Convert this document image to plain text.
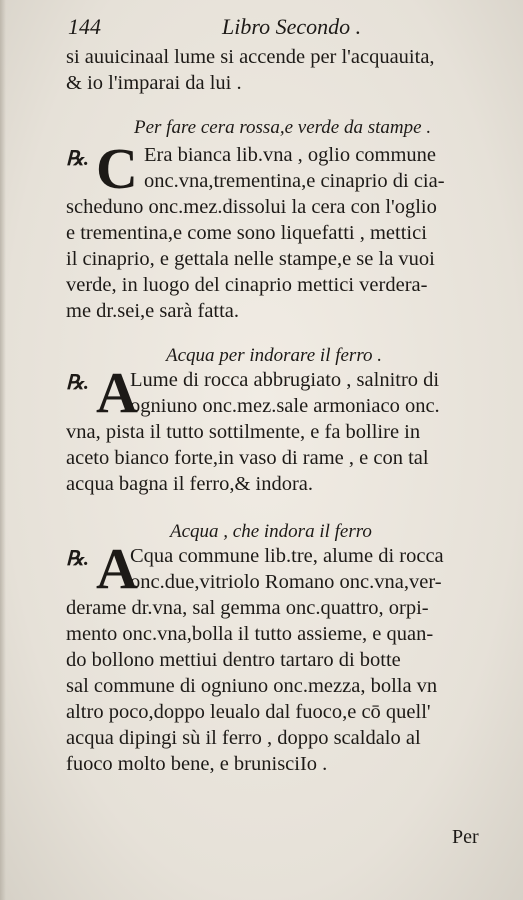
144	Libro Secondo .
si auuicinaal lume si accende per l'acquauita,
& io l'imparai da lui .
Per fare cera rossa,e verde da stampe .
℞. C Era bianca lib.vna , oglio commune
onc.vna,trementina,e cinaprio di cia-
scheduno onc.mez.dissolui la cera con l'oglio
e trementina,e come sono liquefatti , mettici
il cinaprio, e gettala nelle stampe,e se la vuoi
verde, in luogo del cinaprio mettici verdera-
me dr.sei,e sarà fatta.
Acqua per indorare il ferro .
℞. A
Lume di rocca abbrugiato , salnitro di
ogniuno onc.mez.sale armoniaco onc.
vna, pista il tutto sottilmente, e fa bollire in
aceto bianco forte,in vaso di rame , e con tal
acqua bagna il ferro,& indora.
Acqua , che indora il ferro
℞. A
Cqua commune lib.tre, alume di rocca
onc.due,vitriolo Romano onc.vna,ver-
derame dr.vna, sal gemma onc.quattro, orpi-
mento onc.vna,bolla il tutto assieme, e quan-
do bollono mettiui dentro tartaro di botte
sal commune di ogniuno onc.mezza, bolla vn
altro poco,doppo leualo dal fuoco,e cō quell'
acqua dipingi sù il ferro , doppo scaldalo al
fuoco molto bene, e brunisciIo .
Per
